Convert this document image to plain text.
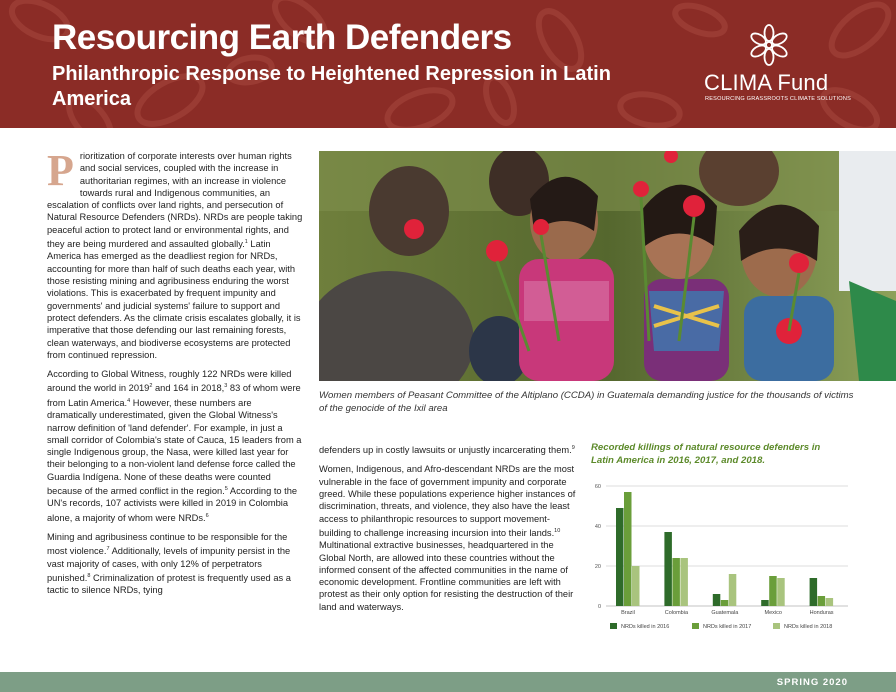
Resourcing Earth Defenders
Philanthropic Response to Heightened Repression in Latin America
CLIMA Fund
RESOURCING GRASSROOTS CLIMATE SOLUTIONS

Prioritization of corporate interests over human rights and social services, coupled with the increase in authoritarian regimes, with an increase in violence towards rural and Indigenous communities, an escalation of conflicts over land rights, and persecution of Natural Resource Defenders (NRDs). NRDs are people taking peaceful action to protect land or environmental rights, and they are being murdered and assaulted globally.$^1$ Latin America has emerged as the deadliest region for NRDs, accounting for more than half of such deaths each year, with those resisting mining and agribusiness enduring the worst violations. This is exacerbated by frequent impunity and governments' and judicial systems' failure to support and protect defenders. As the climate crisis escalates globally, it is imperative that those defending our last remaining forests, clean waterways, and biodiverse ecosystems are protected from continued repression.

According to Global Witness, roughly 122 NRDs were killed around the world in 2019$^2$ and 164 in 2018,$^3$ 83 of whom were from Latin America.$^4$ However, these numbers are dramatically underestimated, given the Global Witness's narrow definition of 'land defender'. For example, in just a small corridor of Colombia's state of Cauca, 15 leaders from a single Indigenous group, the Nasa, were killed last year for their belonging to a non-violent land defense force called the Guardia Indígena. None of these deaths were counted because of the armed conflict in the region.$^5$ According to the UN's records, 107 activists were killed in 2019 in Colombia alone, a majority of whom were NRDs.$^6$

Mining and agribusiness continue to be responsible for the most violence.$^7$ Additionally, levels of impunity persist in the vast majority of cases, with only 12% of perpetrators punished.$^8$ Criminalization of protest is frequently used as a tactic to silence NRDs, tying

Women members of Peasant Committee of the Altiplano (CCDA) in Guatemala demanding justice for the thousands of victims of the genocide of the Ixil area

defenders up in costly lawsuits or unjustly incarcerating them.$^9$

Women, Indigenous, and Afro-descendant NRDs are the most vulnerable in the face of government impunity and corporate greed. While these populations experience higher instances of discrimination, threats, and violence, they also have the least access to philanthropic resources to support movement-building to challenge increasing incursion into their lands.$^{10}$ Multinational extractive businesses, headquartered in the Global North, are allowed into these countries without the informed consent of the affected communities in the name of economic development. Frontline communities are left with protest as their only option for resisting the destruction of their land and waterways.

Recorded killings of natural resource defenders in Latin America in 2016, 2017, and 2018.
0
20
40
60
Brazil	Colombia	Guatemala	Mexico	Honduras
NRDs killed in 2016	NRDs killed in 2017	NRDs killed in 2018
SPRING 2020
